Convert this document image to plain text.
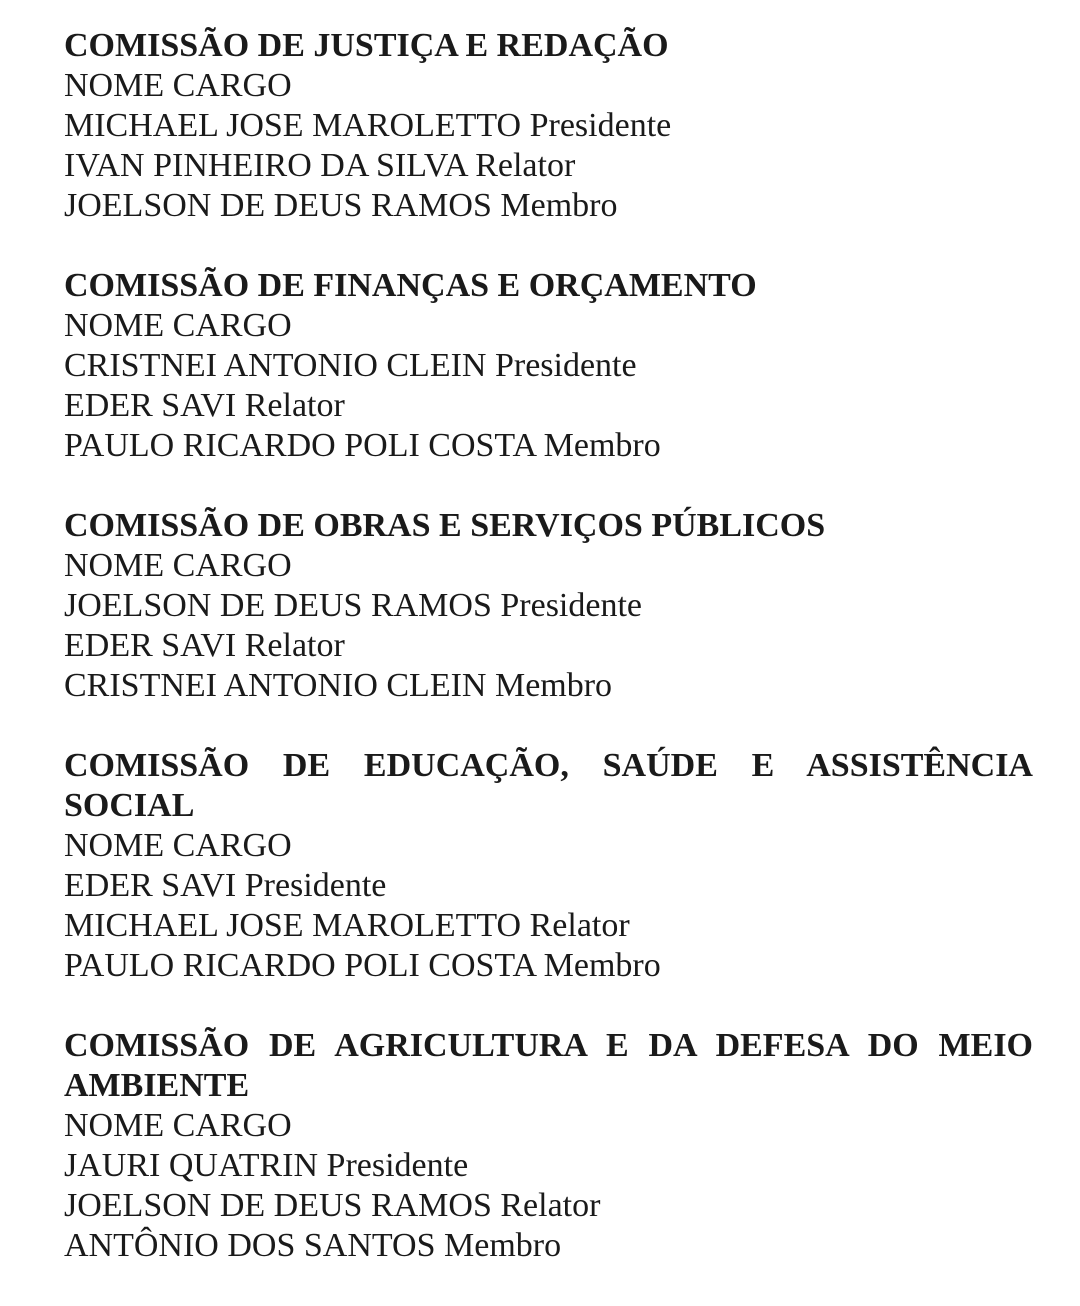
COMISSÃO DE JUSTIÇA E REDAÇÃO

NOME CARGO

MICHAEL JOSE MAROLETTO Presidente

IVAN PINHEIRO DA SILVA Relator

JOELSON DE DEUS RAMOS Membro

COMISSÃO DE FINANÇAS E ORÇAMENTO

NOME CARGO

CRISTNEI ANTONIO CLEIN Presidente

EDER SAVI Relator

PAULO RICARDO POLI COSTA Membro

COMISSÃO DE OBRAS E SERVIÇOS PÚBLICOS

NOME CARGO

JOELSON DE DEUS RAMOS Presidente

EDER SAVI Relator

CRISTNEI ANTONIO CLEIN Membro

COMISSÃO DE EDUCAÇÃO, SAÚDE E ASSISTÊNCIA SOCIAL

NOME CARGO

EDER SAVI Presidente

MICHAEL JOSE MAROLETTO Relator

PAULO RICARDO POLI COSTA Membro

COMISSÃO DE AGRICULTURA E DA DEFESA DO MEIO AMBIENTE

NOME CARGO

JAURI QUATRIN Presidente

JOELSON DE DEUS RAMOS Relator

ANTÔNIO DOS SANTOS Membro
